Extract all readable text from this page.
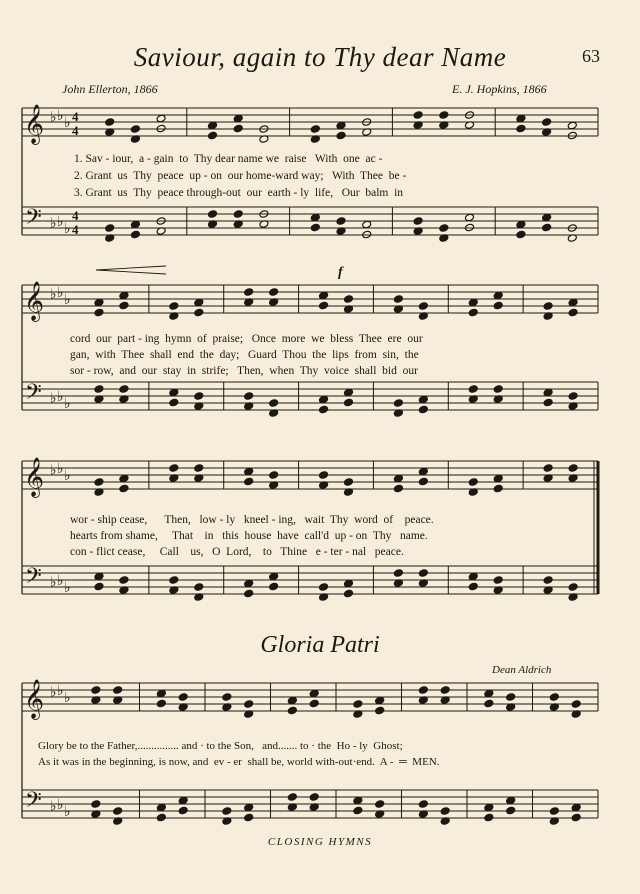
Saviour, again to Thy dear Name	63
John Ellerton, 1866	E. J. Hopkins, 1866
𝄞
𝄢
♭
♭
♭
♭
♭
♭
4
4
4
4
𝄞
𝄢
♭
♭
♭
♭
♭
♭
𝄞
𝄢
♭
♭
♭
♭
♭
♭
𝄞
𝄢
♭
♭
♭
♭
♭
♭
1. Sav - iour,  a - gain  to  Thy dear name we  raise   With  one  ac -
2. Grant  us  Thy  peace  up - on  our home-ward way;   With  Thee  be -
3. Grant  us  Thy  peace through-out  our  earth - ly  life,   Our  balm  in
f
cord  our  part - ing  hymn  of  praise;   Once  more  we  bless  Thee  ere  our
gan,  with  Thee  shall  end  the  day;   Guard  Thou  the  lips  from  sin,  the
sor - row,  and  our  stay  in  strife;   Then,  when  Thy  voice  shall  bid  our
wor - ship cease,      Then,   low - ly   kneel - ing,   wait  Thy  word  of    peace.
hearts from shame,     That    in   this  house  have  call'd  up - on  Thy   name.
con - flict cease,     Call    us,   O  Lord,    to   Thine   e - ter - nal   peace.
Gloria Patri
Dean Aldrich
Glory be to the Father,............... and · to the Son,   and....... to · the  Ho - ly  Ghost;
As it was in the beginning, is now, and  ev - er  shall be, world with-out·end.  A -  ═  MEN.
CLOSING HYMNS
